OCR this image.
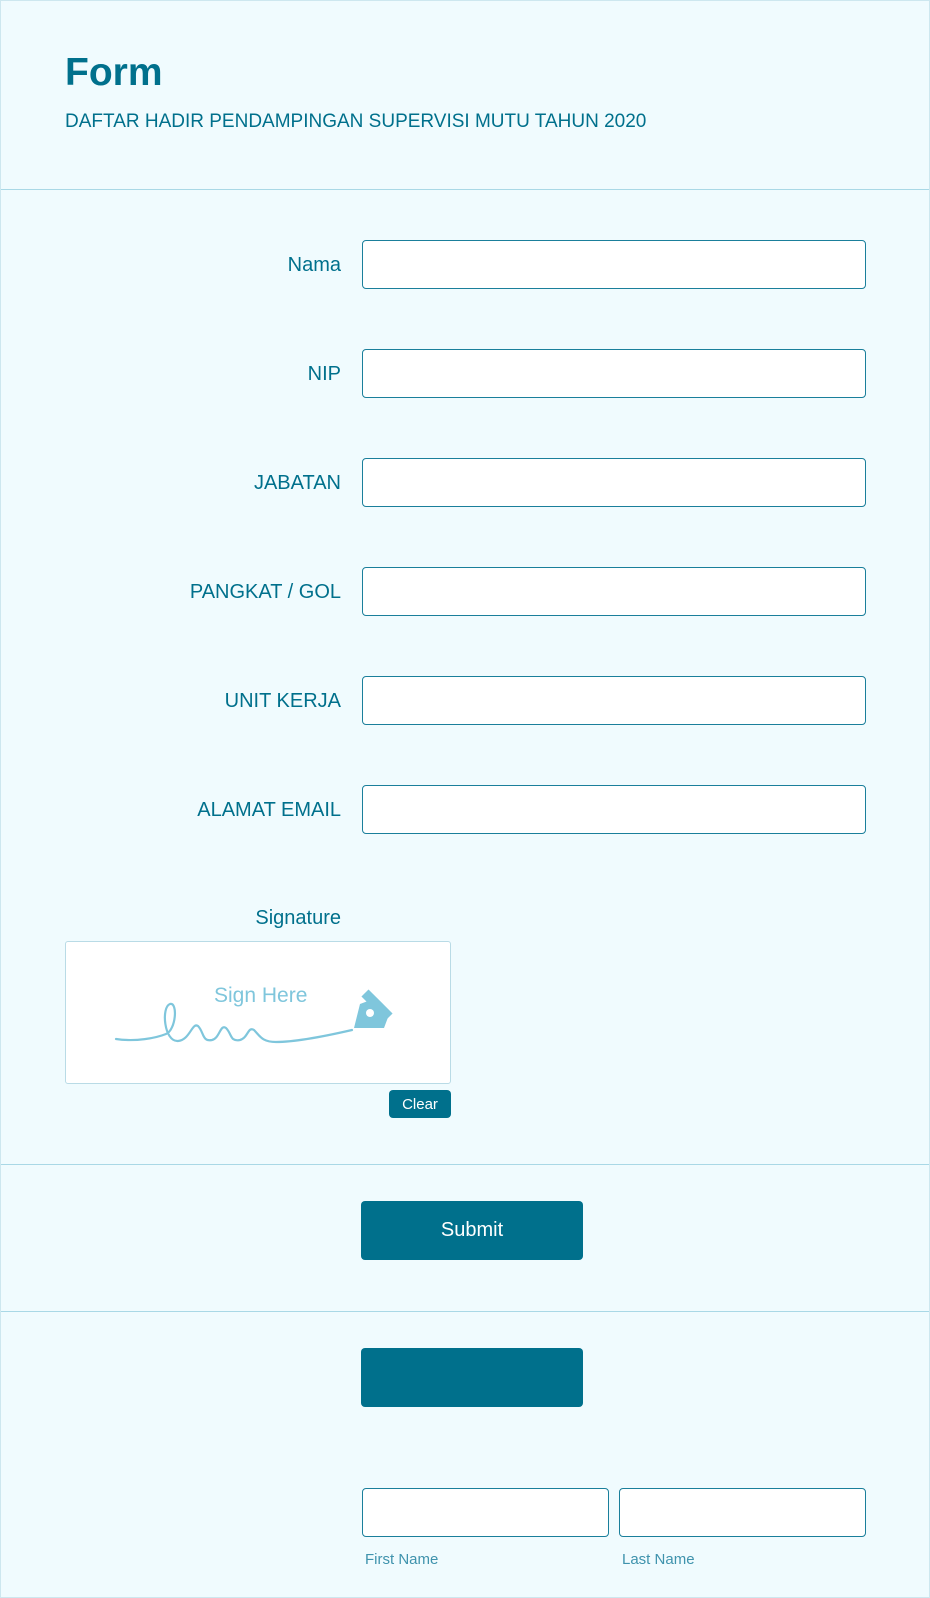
Form

DAFTAR HADIR PENDAMPINGAN SUPERVISI MUTU TAHUN 2020

Nama
NIP
JABATAN
PANGKAT / GOL
UNIT KERJA
ALAMAT EMAIL
Signature
Sign Here
Clear
Submit
First Name	Last Name
